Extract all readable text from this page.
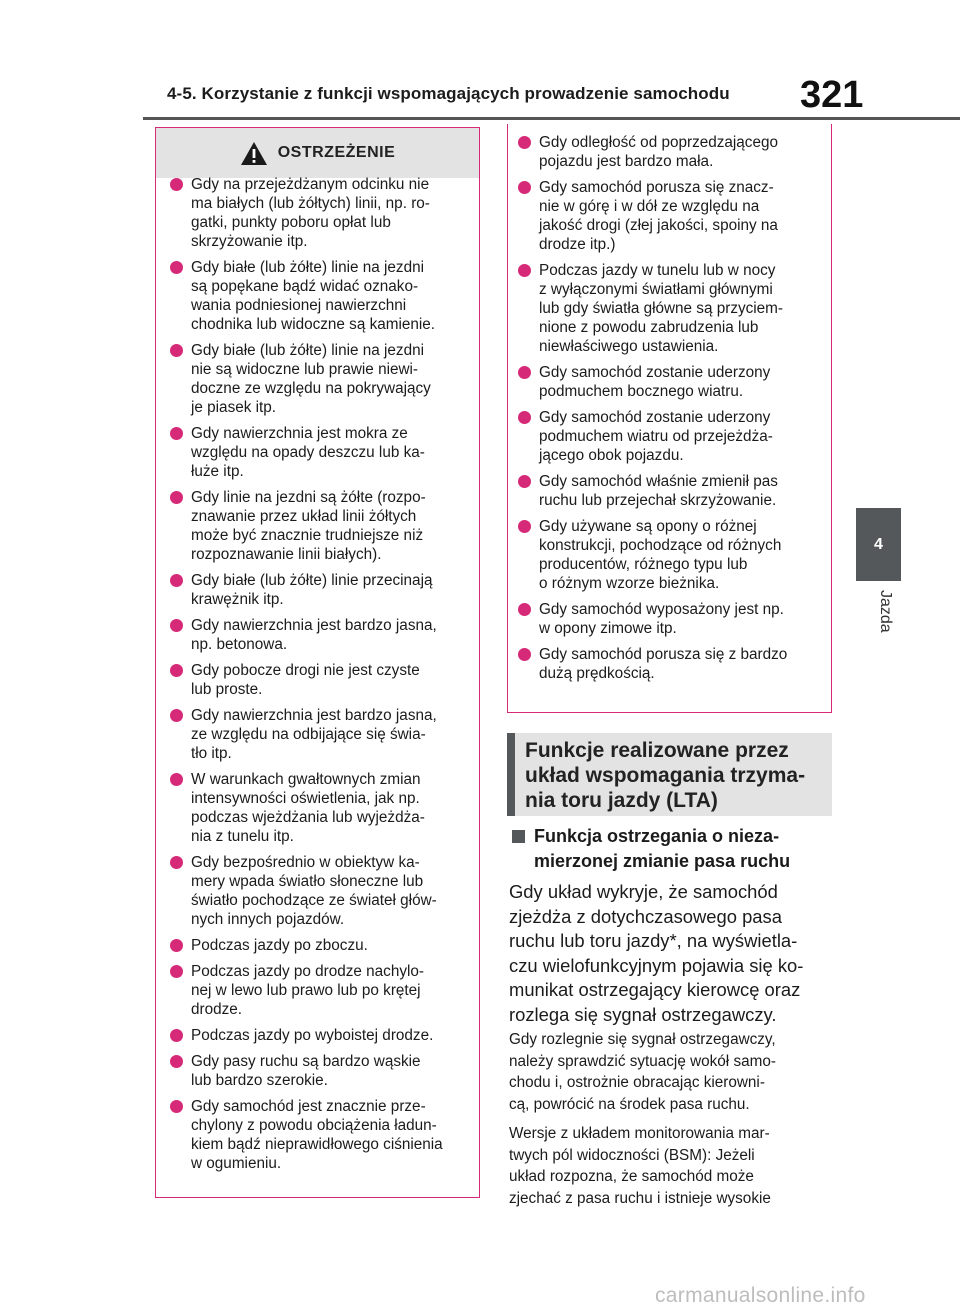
4-5. Korzystanie z funkcji wspomagających prowadzenie samochodu 321
4
Jazda
OSTRZEŻENIE
Gdy na przejeżdżanym odcinku nie
ma białych (lub żółtych) linii, np. ro-
gatki, punkty poboru opłat lub
skrzyżowanie itp.
Gdy białe (lub żółte) linie na jezdni
są popękane bądź widać oznako-
wania podniesionej nawierzchni
chodnika lub widoczne są kamienie.
Gdy białe (lub żółte) linie na jezdni
nie są widoczne lub prawie niewi-
doczne ze względu na pokrywający
je piasek itp.
Gdy nawierzchnia jest mokra ze
względu na opady deszczu lub ka-
łuże itp.
Gdy linie na jezdni są żółte (rozpo-
znawanie przez układ linii żółtych
może być znacznie trudniejsze niż
rozpoznawanie linii białych).
Gdy białe (lub żółte) linie przecinają
krawężnik itp.
Gdy nawierzchnia jest bardzo jasna,
np. betonowa.
Gdy pobocze drogi nie jest czyste
lub proste.
Gdy nawierzchnia jest bardzo jasna,
ze względu na odbijające się świa-
tło itp.
W warunkach gwałtownych zmian
intensywności oświetlenia, jak np.
podczas wjeżdżania lub wyjeżdża-
nia z tunelu itp.
Gdy bezpośrednio w obiektyw ka-
mery wpada światło słoneczne lub
światło pochodzące ze świateł głów-
nych innych pojazdów.
Podczas jazdy po zboczu.
Podczas jazdy po drodze nachylo-
nej w lewo lub prawo lub po krętej
drodze.
Podczas jazdy po wyboistej drodze.
Gdy pasy ruchu są bardzo wąskie
lub bardzo szerokie.
Gdy samochód jest znacznie prze-
chylony z powodu obciążenia ładun-
kiem bądź nieprawidłowego ciśnienia
w ogumieniu.
Gdy odległość od poprzedzającego
pojazdu jest bardzo mała.
Gdy samochód porusza się znacz-
nie w górę i w dół ze względu na
jakość drogi (złej jakości, spoiny na
drodze itp.)
Podczas jazdy w tunelu lub w nocy
z wyłączonymi światłami głównymi
lub gdy światła główne są przyciem-
nione z powodu zabrudzenia lub
niewłaściwego ustawienia.
Gdy samochód zostanie uderzony
podmuchem bocznego wiatru.
Gdy samochód zostanie uderzony
podmuchem wiatru od przejeżdża-
jącego obok pojazdu.
Gdy samochód właśnie zmienił pas
ruchu lub przejechał skrzyżowanie.
Gdy używane są opony o różnej
konstrukcji, pochodzące od różnych
producentów, różnego typu lub
o różnym wzorze bieżnika.
Gdy samochód wyposażony jest np.
w opony zimowe itp.
Gdy samochód porusza się z bardzo
dużą prędkością.
Funkcje realizowane przez
układ wspomagania trzyma-
nia toru jazdy (LTA)
Funkcja ostrzegania o nieza-
mierzonej zmianie pasa ruchu
Gdy układ wykryje, że samochód
zjeżdża z dotychczasowego pasa
ruchu lub toru jazdy*, na wyświetla-
czu wielofunkcyjnym pojawia się ko-
munikat ostrzegający kierowcę oraz
rozlega się sygnał ostrzegawczy.
Gdy rozlegnie się sygnał ostrzegawczy,
należy sprawdzić sytuację wokół samo-
chodu i, ostrożnie obracając kierowni-
cą, powrócić na środek pasa ruchu.
Wersje z układem monitorowania mar-
twych pól widoczności (BSM): Jeżeli
układ rozpozna, że samochód może
zjechać z pasa ruchu i istnieje wysokie
carmanualsonline.info
